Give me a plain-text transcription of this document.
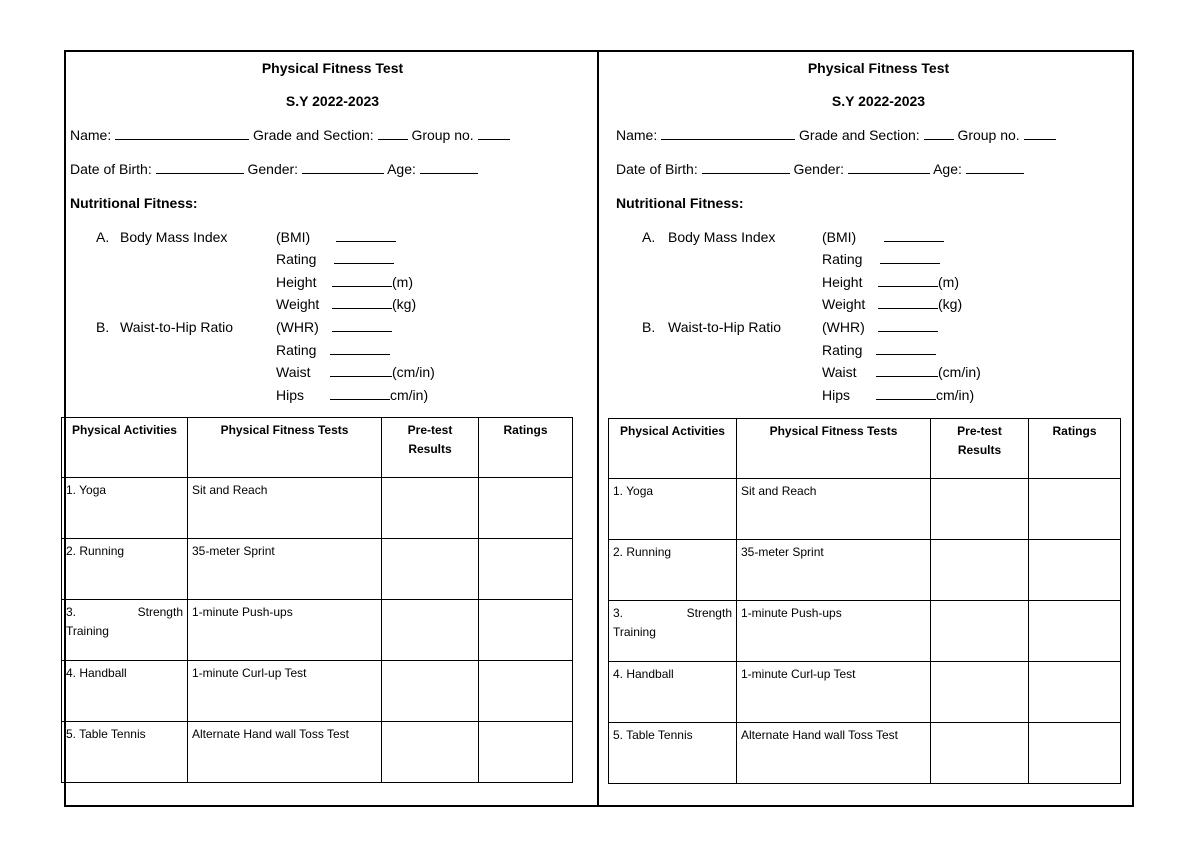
Physical Fitness Test
S.Y 2022-2023
Name:	Grade and Section:	Group no.
Date of Birth:	Gender:	Age:
Nutritional Fitness:
A. Body Mass Index	(BMI)
Rating
Height	(m)
Weight	(kg)
B. Waist-to-Hip Ratio	(WHR)
Rating
Waist	(cm/in)
Hips	cm/in)
Physical Activities	Physical Fitness Tests	Pre-test Results	Ratings
1. Yoga	Sit and Reach		
2. Running	35-meter Sprint		

3. Strength
Training	1-minute Push-ups		
4. Handball	1-minute Curl-up Test		
5. Table Tennis	Alternate Hand wall Toss Test		
Physical Fitness Test
S.Y 2022-2023
Name:	Grade and Section:	Group no.
Date of Birth:	Gender:	Age:
Nutritional Fitness:
A. Body Mass Index	(BMI)
Rating
Height	(m)
Weight	(kg)
B. Waist-to-Hip Ratio	(WHR)
Rating
Waist	(cm/in)
Hips	cm/in)
Physical Activities	Physical Fitness Tests	Pre-test Results	Ratings
1. Yoga	Sit and Reach		
2. Running	35-meter Sprint		

3. Strength
Training	1-minute Push-ups		
4. Handball	1-minute Curl-up Test		
5. Table Tennis	Alternate Hand wall Toss Test		
